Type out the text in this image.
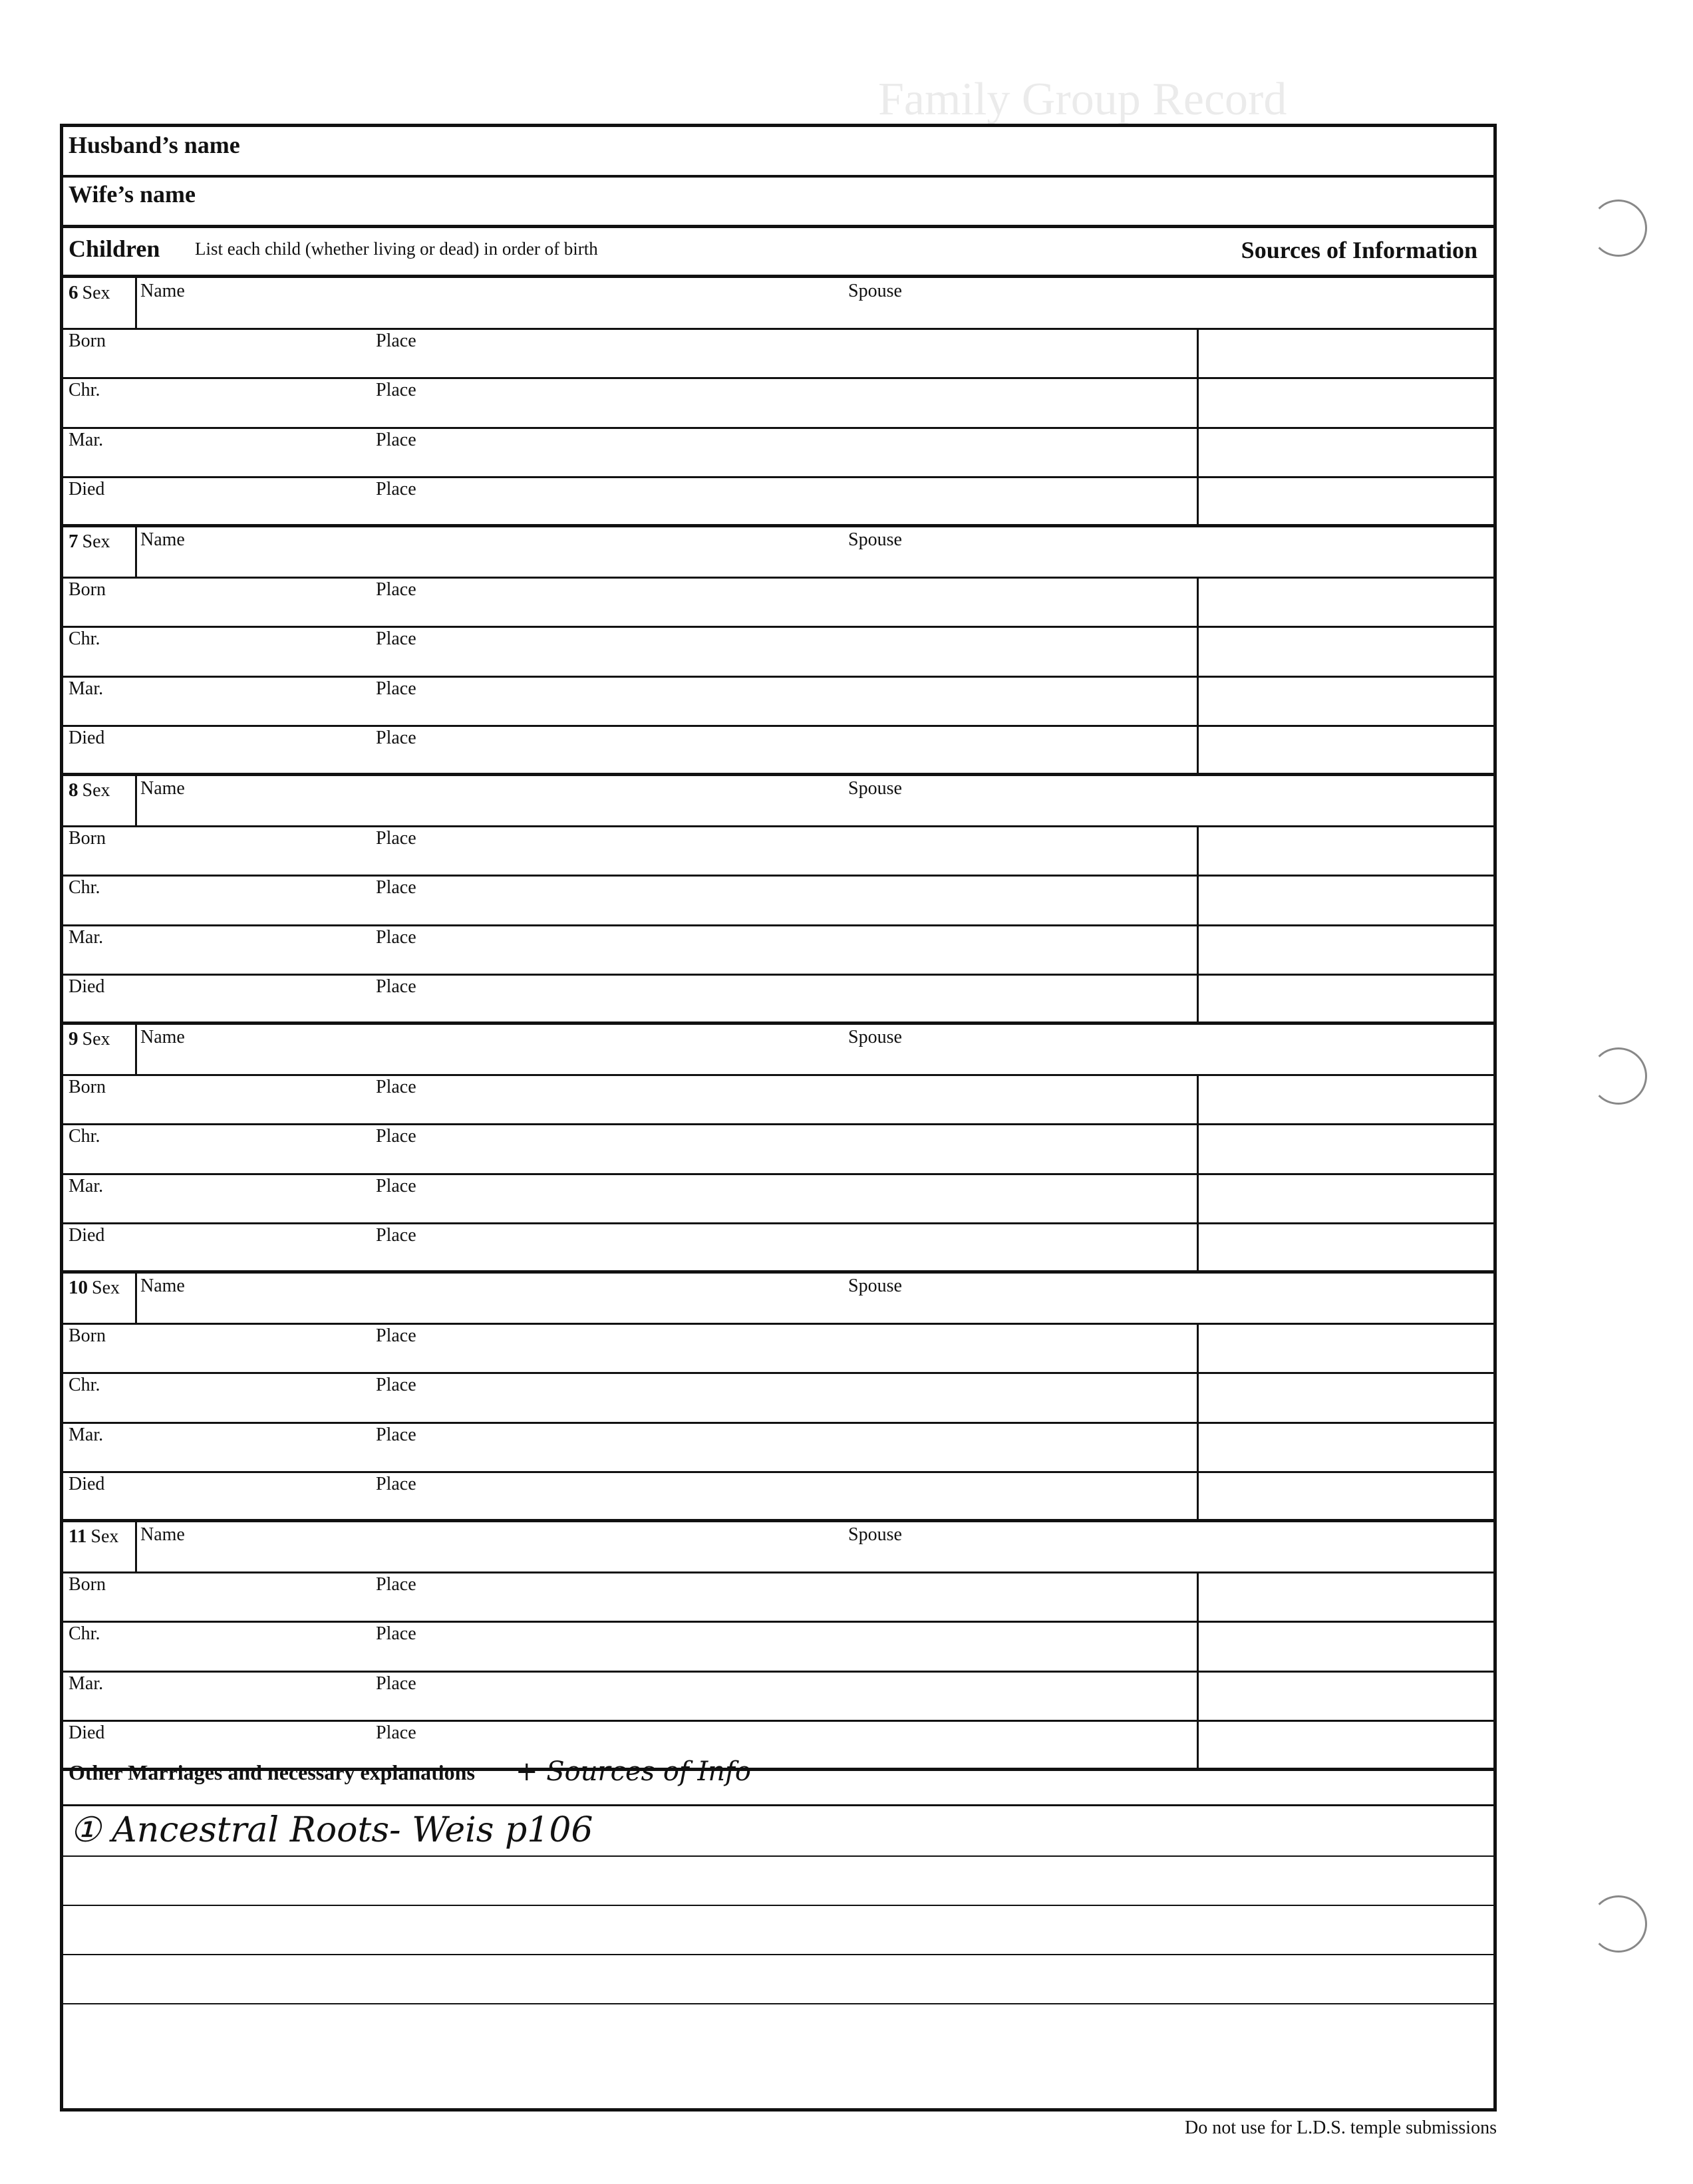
Family Group Record
Husband’s name
Wife’s name
Children List each child (whether living or dead) in order of birth	Sources of Information
6 Sex Name	Spouse
Born	Place
Chr.	Place
Mar.	Place
Died	Place
7 Sex Name	Spouse
Born	Place
Chr.	Place
Mar.	Place
Died	Place
8 Sex Name	Spouse
Born	Place
Chr.	Place
Mar.	Place
Died	Place
9 Sex Name	Spouse
Born	Place
Chr.	Place
Mar.	Place
Died	Place
10 Sex Name	Spouse
Born	Place
Chr.	Place
Mar.	Place
Died	Place
11 Sex Name	Spouse
Born	Place
Chr.	Place
Mar.	Place
Died	Place
Other Marriages and necessary explanations + Sources of Info
① Ancestral Roots- Weis p106
Do not use for L.D.S. temple submissions
